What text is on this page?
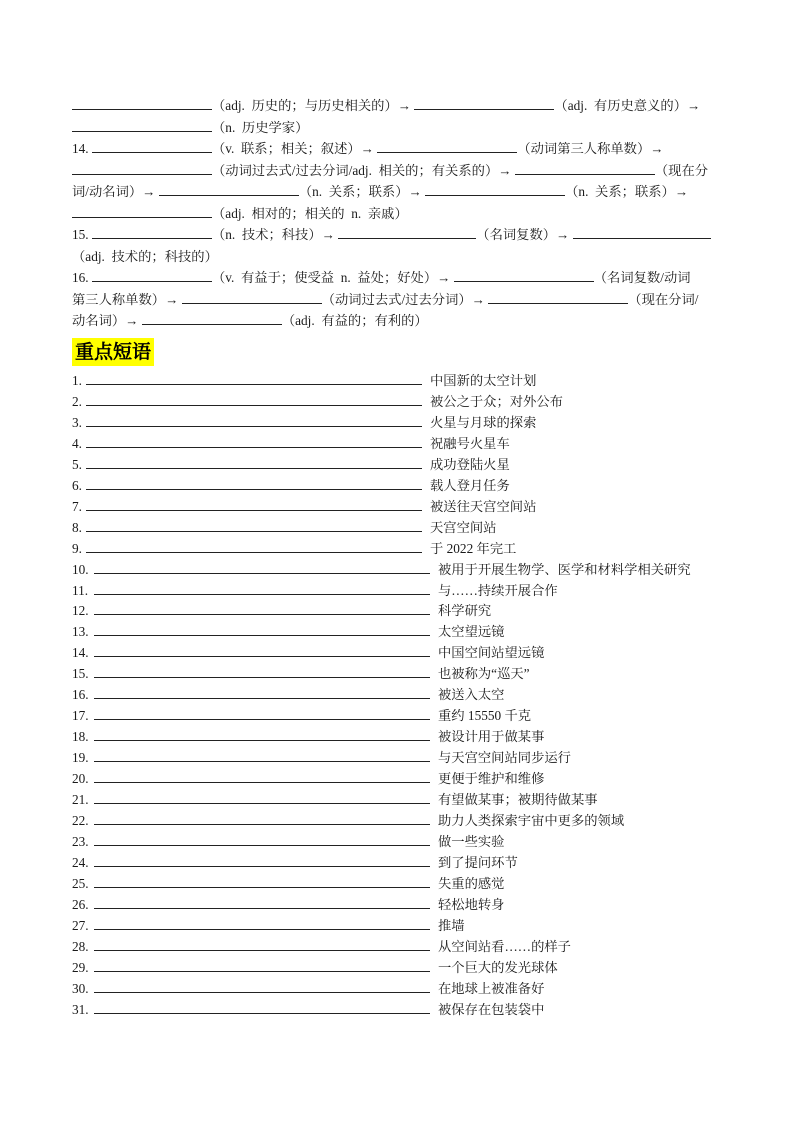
（adj.  历史的；与历史相关的）→	（adj.  有历史意义的）→
（n.  历史学家）
14.	（v.  联系；相关；叙述）→	（动词第三人称单数）→
（动词过去式/过去分词/adj.  相关的；有关系的）→	（现在分
词/动名词）→	（n.  关系；联系）→	（n.  关系；联系）→
（adj.  相对的；相关的  n.  亲戚）
15.	（n.  技术；科技）→	（名词复数）→
（adj.  技术的；科技的）
16.	（v.  有益于；使受益  n.  益处；好处）→	（名词复数/动词
第三人称单数）→	（动词过去式/过去分词）→	（现在分词/
动名词）→	（adj.  有益的；有利的）
重点短语
1.	中国新的太空计划
2.	被公之于众；对外公布
3.	火星与月球的探索
4.	祝融号火星车
5.	成功登陆火星
6.	载人登月任务
7.	被送往天宫空间站
8.	天宫空间站
9.	于 2022 年完工
10.	被用于开展生物学、医学和材料学相关研究
11.	与……持续开展合作
12.	科学研究
13.	太空望远镜
14.	中国空间站望远镜
15.	也被称为“巡天”
16.	被送入太空
17.	重约 15550 千克
18.	被设计用于做某事
19.	与天宫空间站同步运行
20.	更便于维护和维修
21.	有望做某事；被期待做某事
22.	助力人类探索宇宙中更多的领域
23.	做一些实验
24.	到了提问环节
25.	失重的感觉
26.	轻松地转身
27.	推墙
28.	从空间站看……的样子
29.	一个巨大的发光球体
30.	在地球上被准备好
31.	被保存在包装袋中
